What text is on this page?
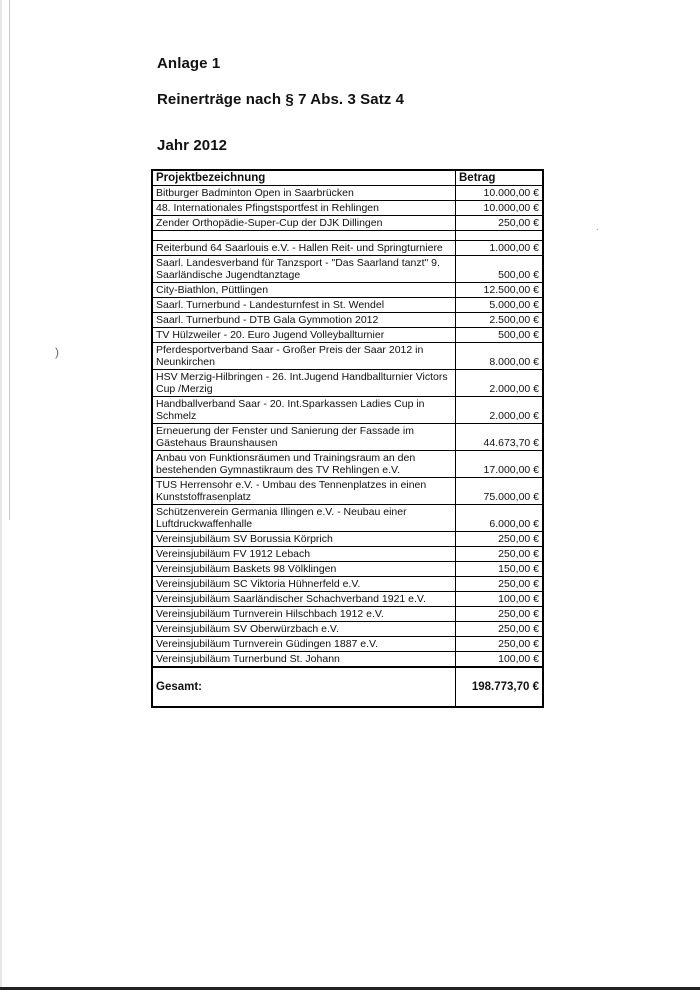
)
·
Anlage 1
Reinerträge nach § 7 Abs. 3 Satz 4
Jahr 2012
Projektbezeichnung	Betrag
Bitburger Badminton Open in Saarbrücken	10.000,00 €
48. Internationales Pfingstsportfest in Rehlingen	10.000,00 €
Zender Orthopädie-Super-Cup der DJK Dillingen	250,00 €

Reiterbund 64 Saarlouis e.V. - Hallen Reit- und Springturniere	1.000,00 €
Saarl. Landesverband für Tanzsport - "Das Saarland tanzt" 9. Saarländische Jugendtanztage	500,00 €
City-Biathlon, Püttlingen	12.500,00 €
Saarl. Turnerbund - Landesturnfest in St. Wendel	5.000,00 €
Saarl. Turnerbund - DTB Gala Gymmotion 2012	2.500,00 €
TV Hülzweiler - 20. Euro Jugend Volleyballturnier	500,00 €
Pferdesportverband Saar - Großer Preis der Saar 2012 in Neunkirchen	8.000,00 €
HSV Merzig-Hilbringen - 26. Int.Jugend Handballturnier Victors Cup /Merzig	2.000,00 €
Handballverband Saar - 20. Int.Sparkassen Ladies Cup in Schmelz	2.000,00 €
Erneuerung der Fenster und Sanierung der Fassade im Gästehaus Braunshausen	44.673,70 €
Anbau von Funktionsräumen und Trainingsraum an den bestehenden Gymnastikraum des TV Rehlingen e.V.	17.000,00 €
TUS Herrensohr e.V. - Umbau des Tennenplatzes in einen Kunststoffrasenplatz	75.000,00 €
Schützenverein Germania Illingen e.V. - Neubau einer Luftdruckwaffenhalle	6.000,00 €
Vereinsjubiläum SV Borussia Körprich	250,00 €
Vereinsjubiläum FV 1912 Lebach	250,00 €
Vereinsjubiläum Baskets 98 Völklingen	150,00 €
Vereinsjubiläum SC Viktoria Hühnerfeld e.V.	250,00 €
Vereinsjubiläum Saarländischer Schachverband 1921 e.V.	100,00 €
Vereinsjubiläum Turnverein Hilschbach 1912 e.V.	250,00 €
Vereinsjubiläum SV Oberwürzbach e.V.	250,00 €
Vereinsjubiläum Turnverein Güdingen 1887 e.V.	250,00 €
Vereinsjubiläum Turnerbund St. Johann	100,00 €
Gesamt:	198.773,70 €
